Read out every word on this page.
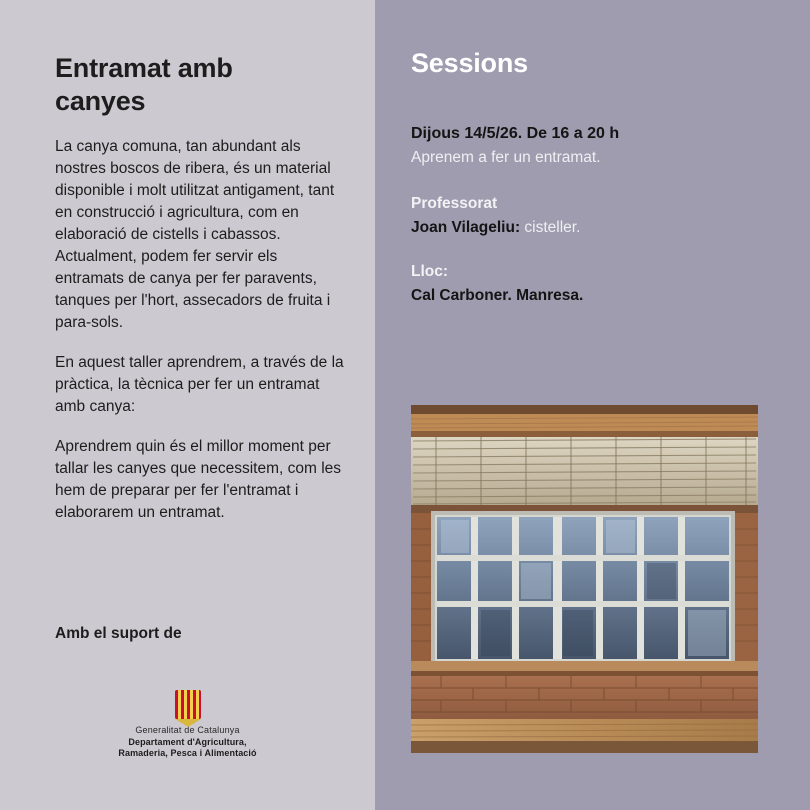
Entramat amb canyes

La canya comuna, tan abundant als nostres boscos de ribera, és un material disponible i molt utilitzat antigament, tant en construcció i agricultura, com en elaboració de cistells i cabassos. Actualment, podem fer servir els entramats de canya per fer paravents, tanques per l'hort, assecadors de fruita i para-sols.

En aquest taller aprendrem, a través de la pràctica, la tècnica per fer un entramat amb canya:

Aprendrem quin és el millor moment per tallar les canyes que necessitem, com les hem de preparar per fer l'entramat i elaborarem un entramat.

Amb el suport de
Generalitat de Catalunya
Departament d'Agricultura,
Ramaderia, Pesca i Alimentació
Sessions
Dijous 14/5/26. De 16 a 20 h
Aprenem a fer un entramat.
Professorat
Joan Vilageliu: cisteller.
Lloc:
Cal Carboner. Manresa.
